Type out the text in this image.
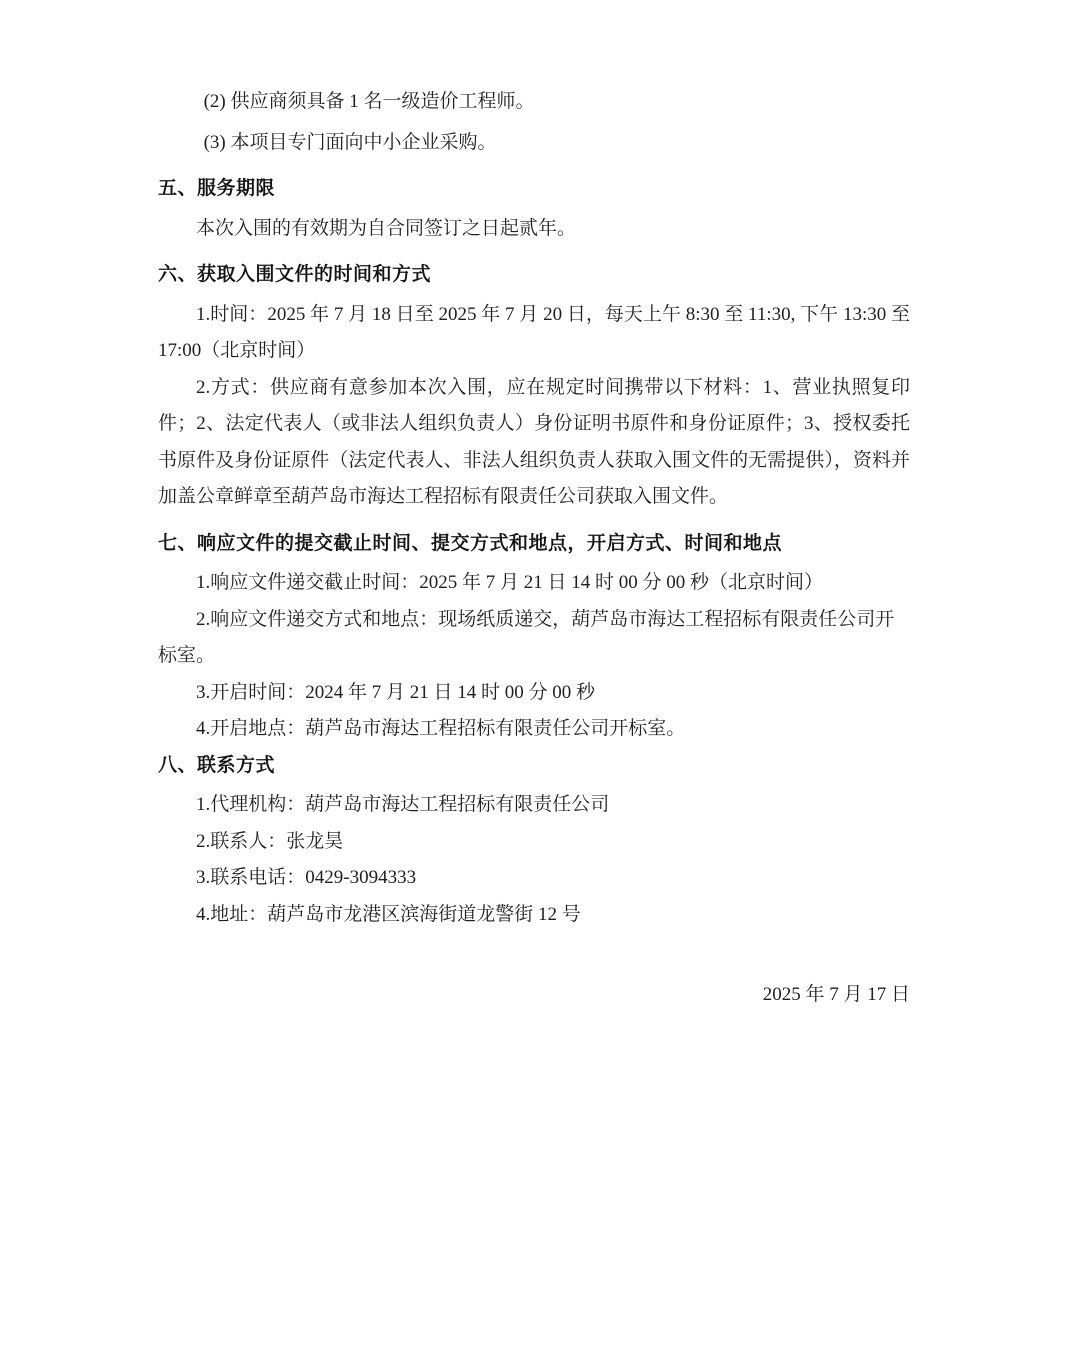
(2) 供应商须具备 1 名一级造价工程师。
(3) 本项目专门面向中小企业采购。
五、服务期限
本次入围的有效期为自合同签订之日起贰年。
六、获取入围文件的时间和方式
1.时间：2025 年 7 月 18 日至 2025 年 7 月 20 日，每天上午 8:30 至 11:30, 下午 13:30 至 17:00（北京时间）
2.方式：供应商有意参加本次入围，应在规定时间携带以下材料：1、营业执照复印件；2、法定代表人（或非法人组织负责人）身份证明书原件和身份证原件；3、授权委托书原件及身份证原件（法定代表人、非法人组织负责人获取入围文件的无需提供），资料并加盖公章鲜章至葫芦岛市海达工程招标有限责任公司获取入围文件。
七、响应文件的提交截止时间、提交方式和地点，开启方式、时间和地点
1.响应文件递交截止时间：2025 年 7 月 21 日 14 时 00 分 00 秒（北京时间）
2.响应文件递交方式和地点：现场纸质递交，葫芦岛市海达工程招标有限责任公司开标室。
3.开启时间：2024 年 7 月 21 日 14 时 00 分 00 秒
4.开启地点：葫芦岛市海达工程招标有限责任公司开标室。
八、联系方式
1.代理机构：葫芦岛市海达工程招标有限责任公司
2.联系人：张龙昊
3.联系电话：0429-3094333
4.地址：葫芦岛市龙港区滨海街道龙警街 12 号
2025 年 7 月 17 日
